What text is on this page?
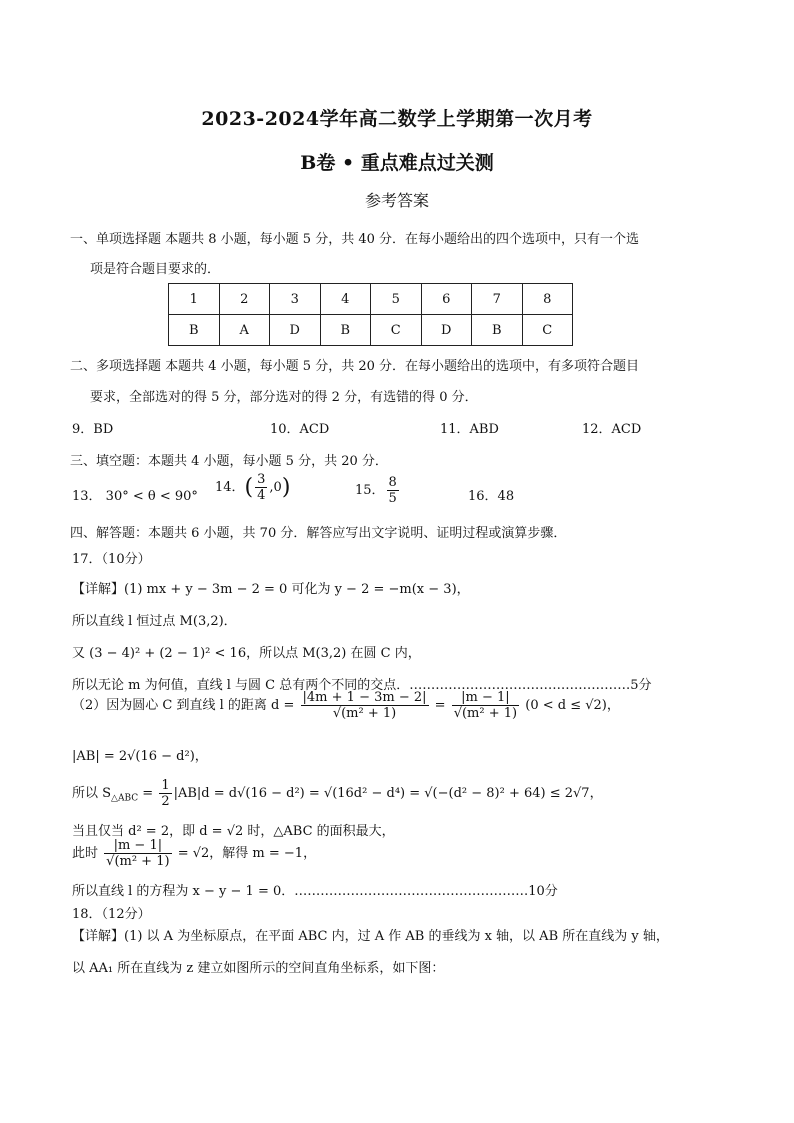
2023-2024学年高二数学上学期第一次月考
B卷 • 重点难点过关测
参考答案
一、单项选择题 本题共 8 小题，每小题 5 分，共 40 分．在每小题给出的四个选项中，只有一个选
项是符合题目要求的．
1	2	3	4	5	6	7	8
B	A	D	B	C	D	B	C
二、多项选择题 本题共 4 小题，每小题 5 分，共 20 分．在每小题给出的选项中，有多项符合题目
要求，全部选对的得 5 分，部分选对的得 2 分，有选错的得 0 分．
9．BD	10．ACD	11．ABD	12．ACD
三、填空题：本题共 4 小题，每小题 5 分，共 20 分．
13． 30° < θ < 90°
14．( $\frac{3}{4} ,0$)	15． $\frac{8}{5}$	16．48
四、解答题：本题共 6 小题，共 70 分．解答应写出文字说明、证明过程或演算步骤．
17．（10分）
【详解】(1) mx + y − 3m − 2 = 0 可化为 y − 2 = −m(x − 3)，
所以直线 l 恒过点 M(3,2)．
又 (3 − 4)² + (2 − 1)² < 16，所以点 M(3,2) 在圆 C 内，
所以无论 m 为何值，直线 l 与圆 C 总有两个不同的交点．……………………………………………5分
（2）因为圆心 C 到直线 l 的距离 $d = \frac{|4m + 1 - 3m - 2|}{\text{√(m² + 1)}} = \frac{|m - 1|}{\text{√(m² + 1)}} (0 < d \le √2)$，
|AB| = 2√(16 − d²)，
所以 $S_{\triangle ABC} = \frac{1}{2} |AB|d = d√(16 - d^2) = √(16d^2 - d^4) = √(-(d^2 - 8)^2 + 64) \le 2√7$，
当且仅当 d² = 2，即 d = √2 时，△ABC 的面积最大，
此时 $\frac{|m - 1|}{\text{√(m² + 1)}} = √2$，解得 m = −1，
所以直线 l 的方程为 x − y − 1 = 0．………………………………………………10分
18．（12分）
【详解】(1) 以 A 为坐标原点，在平面 ABC 内，过 A 作 AB 的垂线为 x 轴，以 AB 所在直线为 y 轴，
以 AA₁ 所在直线为 z 建立如图所示的空间直角坐标系，如下图：
